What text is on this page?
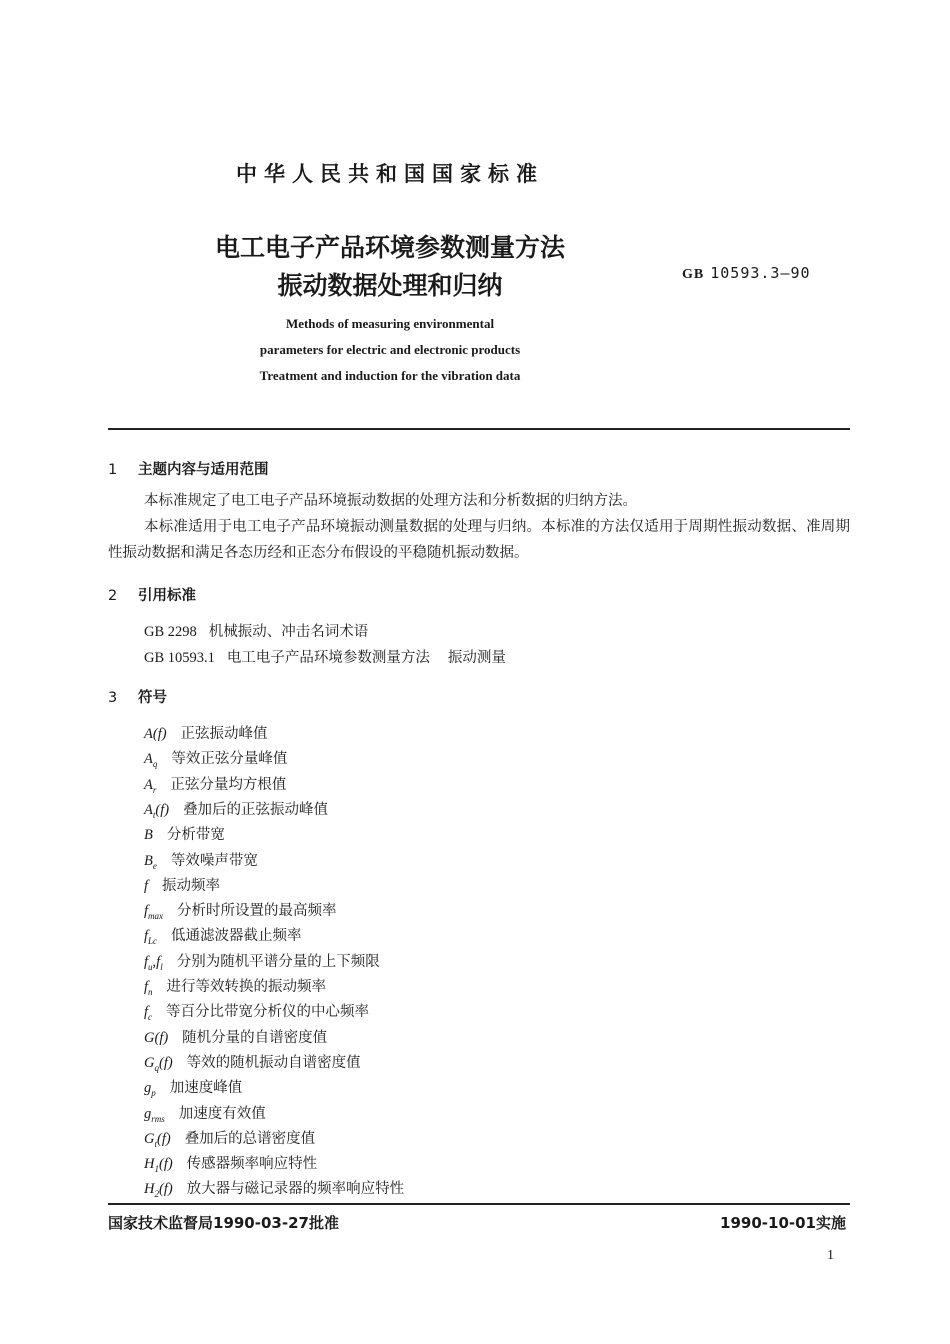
中华人民共和国国家标准
电工电子产品环境参数测量方法
振动数据处理和归纳	GB 10593.3—90
Methods of measuring environmental
parameters for electric and electronic products
Treatment and induction for the vibration data
1 主题内容与适用范围
本标准规定了电工电子产品环境振动数据的处理方法和分析数据的归纳方法。
本标准适用于电工电子产品环境振动测量数据的处理与归纳。本标准的方法仅适用于周期性振动数据、准周期性振动数据和满足各态历经和正态分布假设的平稳随机振动数据。
2 引用标准
GB 2298 机械振动、冲击名词术语
GB 10593.1 电工电子产品环境参数测量方法 振动测量
3 符号
A(f) 正弦振动峰值
$A_q$ 等效正弦分量峰值
$A_r$ 正弦分量均方根值
$A_t(f)$ 叠加后的正弦振动峰值
B 分析带宽
$B_e$ 等效噪声带宽
f 振动频率
$f_{max}$ 分析时所设置的最高频率
$f_{Lc}$ 低通滤波器截止频率
$f_u,f_l$ 分别为随机平谱分量的上下频限
$f_n$ 进行等效转换的振动频率
$f_c$ 等百分比带宽分析仪的中心频率
G(f) 随机分量的自谱密度值
$G_q(f)$ 等效的随机振动自谱密度值
$g_p$ 加速度峰值
$g_{rms}$ 加速度有效值
$G_t(f)$ 叠加后的总谱密度值
$H_1(f)$ 传感器频率响应特性
$H_2(f)$ 放大器与磁记录器的频率响应特性
国家技术监督局1990-03-27批准	1990-10-01实施
1
